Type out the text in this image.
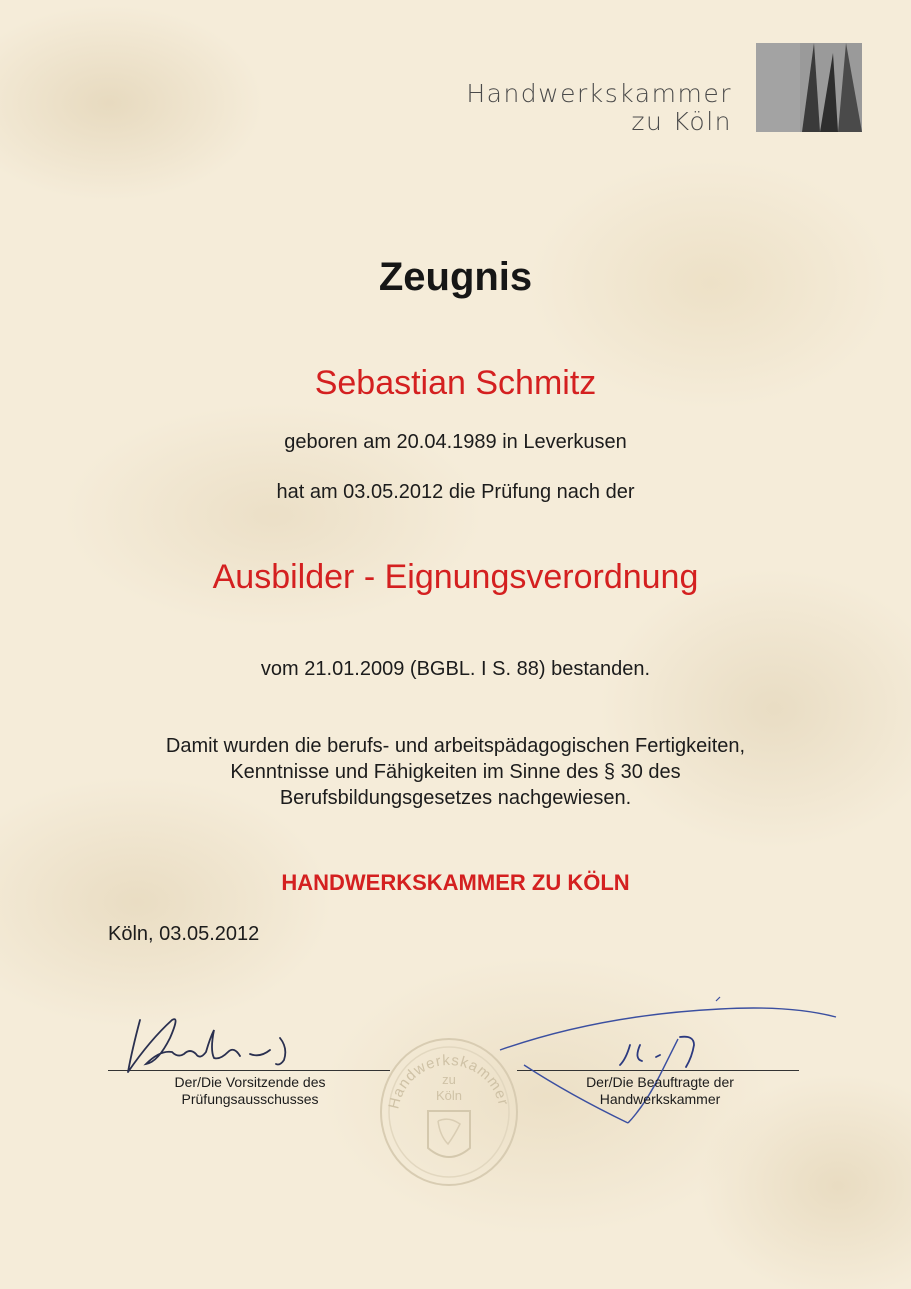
Handwerkskammer
zu Köln
Zeugnis
Sebastian Schmitz
geboren am 20.04.1989 in Leverkusen
hat am 03.05.2012 die Prüfung nach der
Ausbilder - Eignungsverordnung
vom 21.01.2009 (BGBL. I S. 88) bestanden.
Damit wurden die berufs- und arbeitspädagogischen Fertigkeiten,
Kenntnisse und Fähigkeiten im Sinne des § 30 des
Berufsbildungsgesetzes nachgewiesen.
HANDWERKSKAMMER ZU KÖLN
Köln, 03.05.2012
Handwerkskammer
zu
Köln
Der/Die Vorsitzende des
Prüfungsausschusses
Der/Die Beauftragte der
Handwerkskammer
